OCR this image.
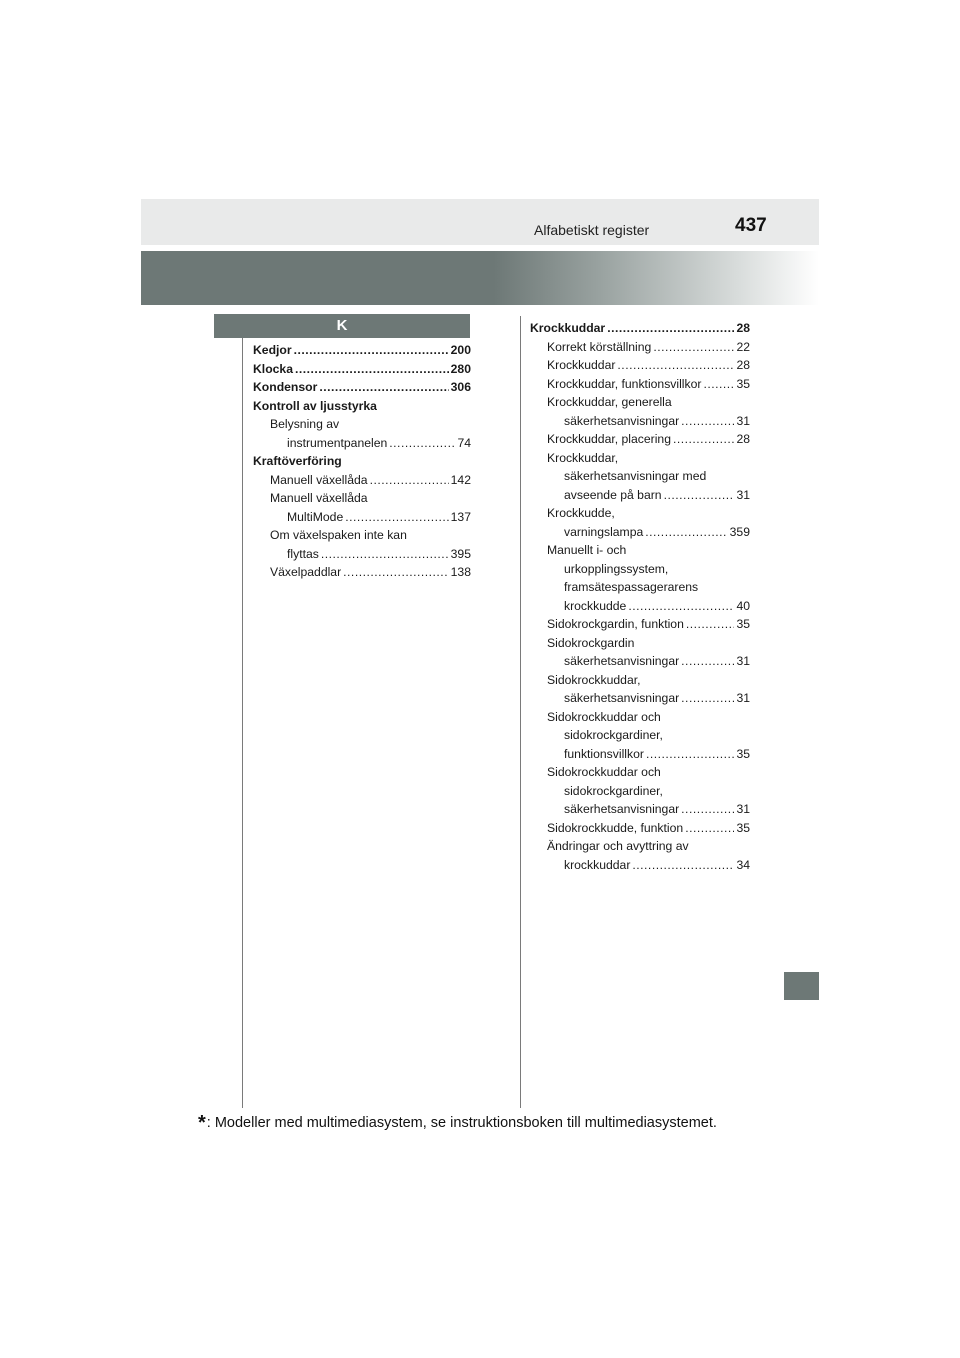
Alfabetiskt register	437
K
Kedjor .....	200
Klocka .....	280
Kondensor .....	306
Kontroll av ljusstyrka
Belysning av
instrumentpanelen .....	74
Kraftöverföring
Manuell växellåda .....	142
Manuell växellåda
MultiMode .....	137
Om växelspaken inte kan
flyttas .....	395
Växelpaddlar .....	138
Krockkuddar .....	28
Korrekt körställning .....	22
Krockkuddar .....	28
Krockkuddar, funktionsvillkor .....	35
Krockkuddar, generella
säkerhetsanvisningar .....	31
Krockkuddar, placering .....	28
Krockkuddar,
säkerhetsanvisningar med
avseende på barn .....	31
Krockkudde,
varningslampa .....	359
Manuellt i- och
urkopplingssystem,
framsätespassagerarens
krockkudde .....	40
Sidokrockgardin, funktion .....	35
Sidokrockgardin
säkerhetsanvisningar .....	31
Sidokrockkuddar,
säkerhetsanvisningar .....	31
Sidokrockkuddar och
sidokrockgardiner,
funktionsvillkor .....	35
Sidokrockkuddar och
sidokrockgardiner,
säkerhetsanvisningar .....	31
Sidokrockkudde, funktion .....	35
Ändringar och avyttring av
krockkuddar .....	34
*: Modeller med multimediasystem, se instruktionsboken till multimediasystemet.
